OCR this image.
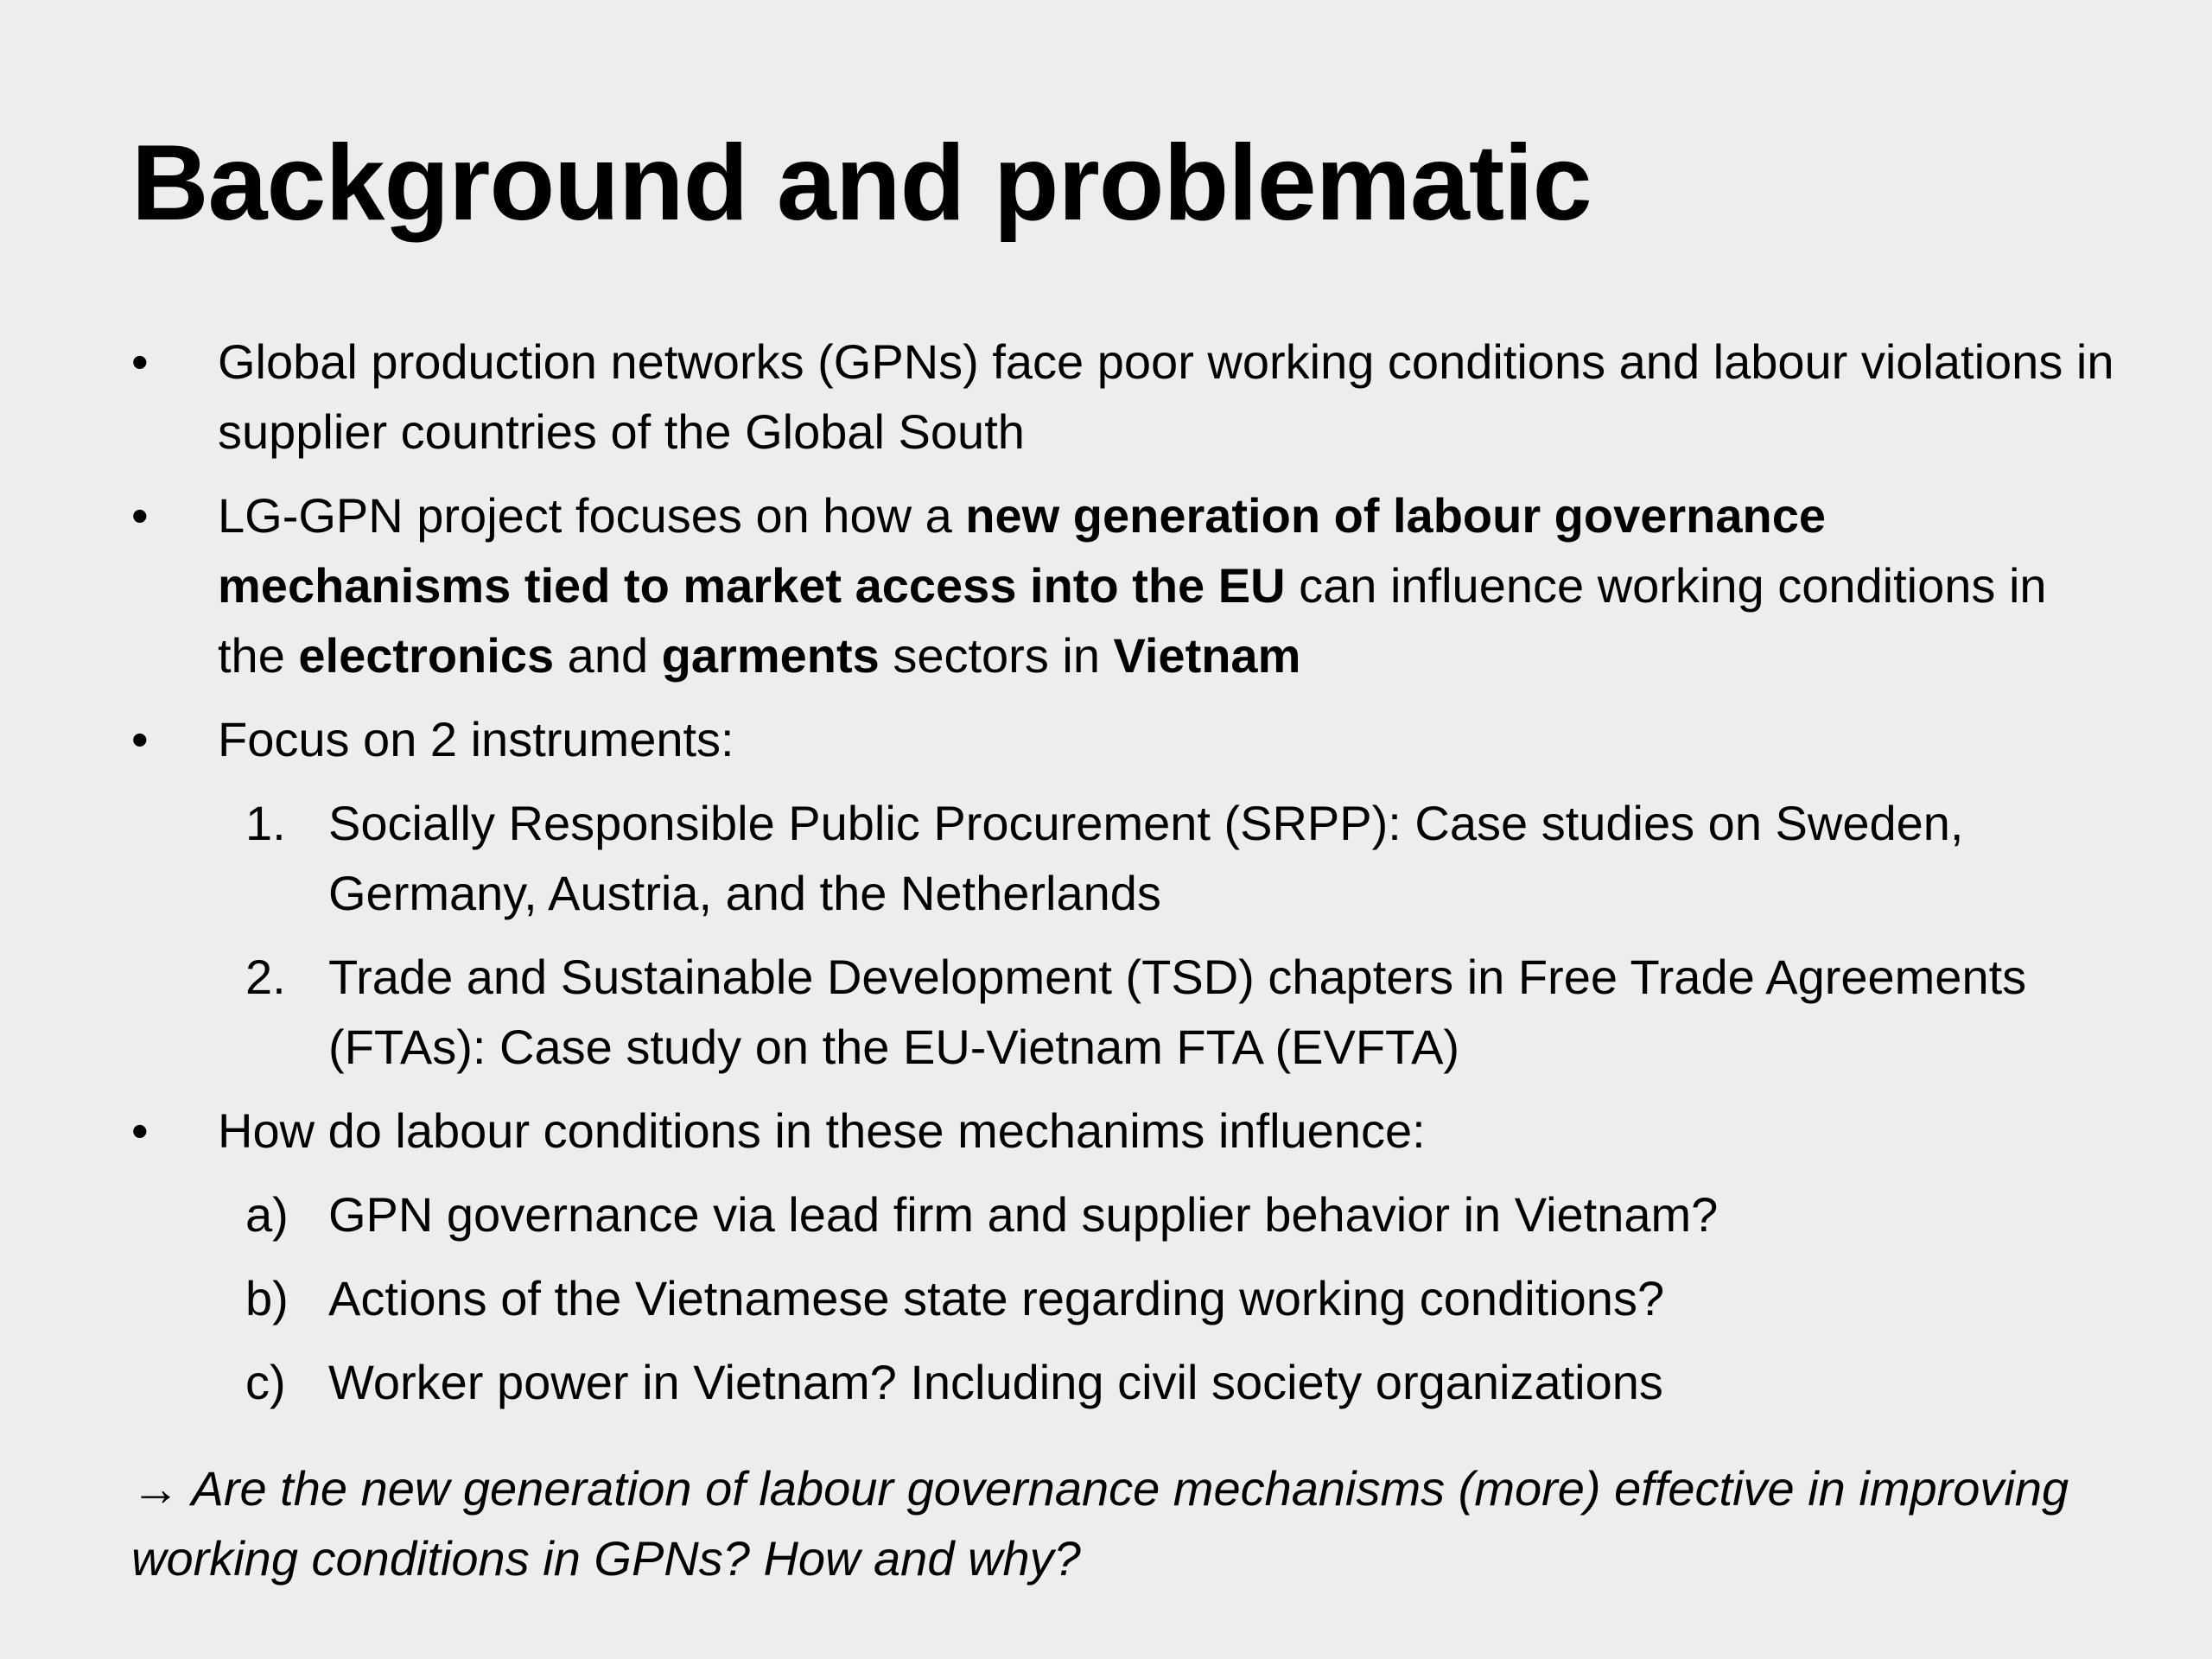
Background and problematic
•	Global production networks (GPNs) face poor working conditions and labour violations in supplier countries of the Global South
•	LG-GPN project focuses on how a new generation of labour governance mechanisms tied to market access into the EU can influence working conditions in the electronics and garments sectors in Vietnam
•	Focus on 2 instruments:
1. Socially Responsible Public Procurement (SRPP): Case studies on Sweden, Germany, Austria, and the Netherlands
2. Trade and Sustainable Development (TSD) chapters in Free Trade Agreements (FTAs): Case study on the EU-Vietnam FTA (EVFTA)
•	How do labour conditions in these mechanims influence:
a) GPN governance via lead firm and supplier behavior in Vietnam?
b) Actions of the Vietnamese state regarding working conditions?
c) Worker power in Vietnam? Including civil society organizations
→ Are the new generation of labour governance mechanisms (more) effective in improving working conditions in GPNs? How and why?
